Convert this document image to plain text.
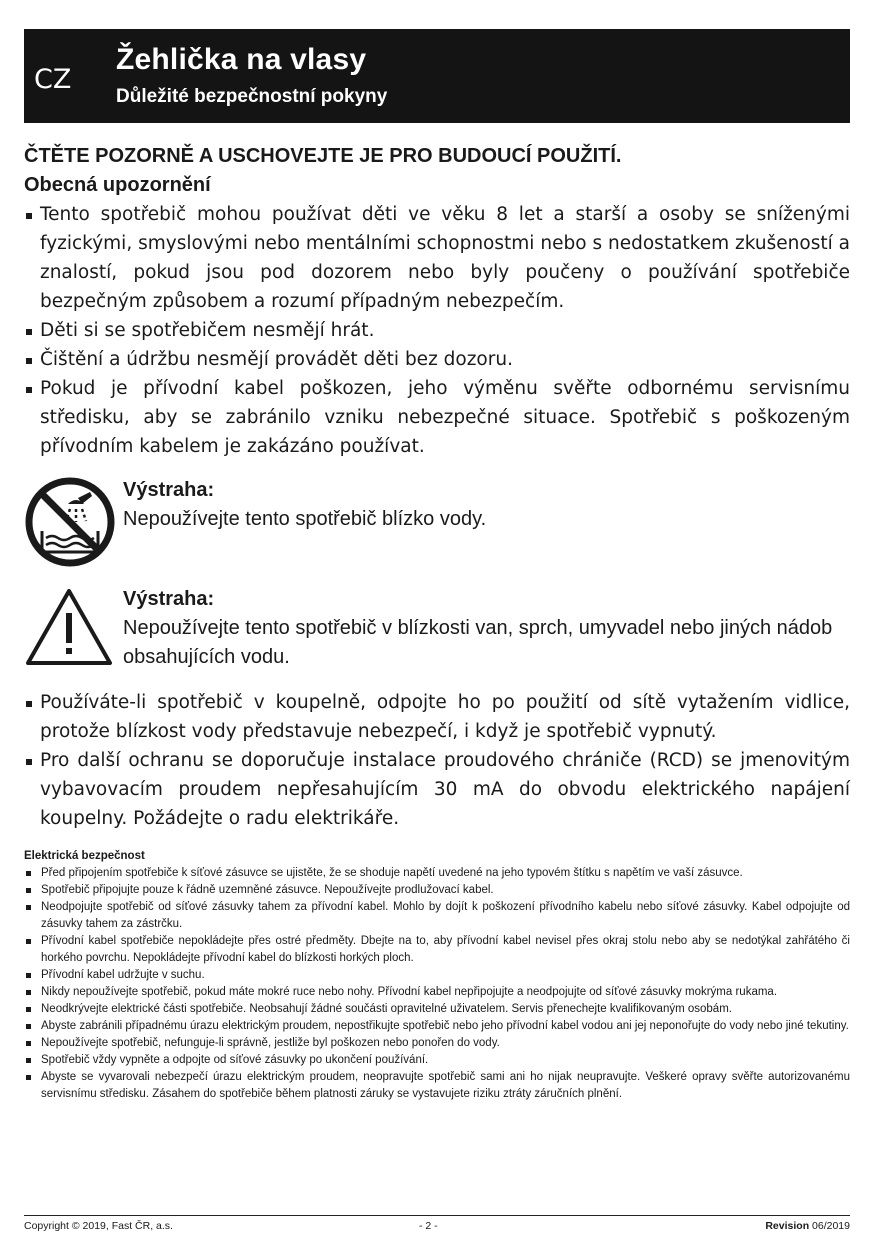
CZ
Žehlička na vlasy
Důležité bezpečnostní pokyny

ČTĚTE POZORNĚ A USCHOVEJTE JE PRO BUDOUCÍ POUŽITÍ.

Obecná upozornění

Tento spotřebič mohou používat děti ve věku 8 let a starší a osoby se sníženými fyzickými, smyslovými nebo mentálními schopnostmi nebo s nedostatkem zkušeností a znalostí, pokud jsou pod dozorem nebo byly poučeny o používání spotřebiče bezpečným způsobem a rozumí případným nebezpečím.
Děti si se spotřebičem nesmějí hrát.
Čištění a údržbu nesmějí provádět děti bez dozoru.
Pokud je přívodní kabel poškozen, jeho výměnu svěřte odbornému servisnímu středisku, aby se zabránilo vzniku nebezpečné situace. Spotřebič s poškozeným přívodním kabelem je zakázáno používat.
Výstraha:
Nepoužívejte tento spotřebič blízko vody.
Výstraha:
Nepoužívejte tento spotřebič v blízkosti van, sprch, umyvadel nebo jiných nádob obsahujících vodu.
Používáte-li spotřebič v koupelně, odpojte ho po použití od sítě vytažením vidlice, protože blízkost vody představuje nebezpečí, i když je spotřebič vypnutý.
Pro další ochranu se doporučuje instalace proudového chrániče (RCD) se jmenovitým vybavovacím proudem nepřesahujícím 30 mA do obvodu elektrického napájení koupelny. Požádejte o radu elektrikáře.
Elektrická bezpečnost
Před připojením spotřebiče k síťové zásuvce se ujistěte, že se shoduje napětí uvedené na jeho typovém štítku s napětím ve vaší zásuvce.
Spotřebič připojujte pouze k řádně uzemněné zásuvce. Nepoužívejte prodlužovací kabel.
Neodpojujte spotřebič od síťové zásuvky tahem za přívodní kabel. Mohlo by dojít k poškození přívodního kabelu nebo síťové zásuvky. Kabel odpojujte od zásuvky tahem za zástrčku.
Přívodní kabel spotřebiče nepokládejte přes ostré předměty. Dbejte na to, aby přívodní kabel nevisel přes okraj stolu nebo aby se nedotýkal zahřátého či horkého povrchu. Nepokládejte přívodní kabel do blízkosti horkých ploch.
Přívodní kabel udržujte v suchu.
Nikdy nepoužívejte spotřebič, pokud máte mokré ruce nebo nohy. Přívodní kabel nepřipojujte a neodpojujte od síťové zásuvky mokrýma rukama.
Neodkrývejte elektrické části spotřebiče. Neobsahují žádné součásti opravitelné uživatelem. Servis přenechejte kvalifikovaným osobám.
Abyste zabránili případnému úrazu elektrickým proudem, nepostřikujte spotřebič nebo jeho přívodní kabel vodou ani jej neponořujte do vody nebo jiné tekutiny.
Nepoužívejte spotřebič, nefunguje-li správně, jestliže byl poškozen nebo ponořen do vody.
Spotřebič vždy vypněte a odpojte od síťové zásuvky po ukončení používání.
Abyste se vyvarovali nebezpečí úrazu elektrickým proudem, neopravujte spotřebič sami ani ho nijak neupravujte. Veškeré opravy svěřte autorizovanému servisnímu středisku. Zásahem do spotřebiče během platnosti záruky se vystavujete riziku ztráty záručních plnění.
Copyright © 2019, Fast ČR, a.s.	- 2 -	Revision 06/2019
